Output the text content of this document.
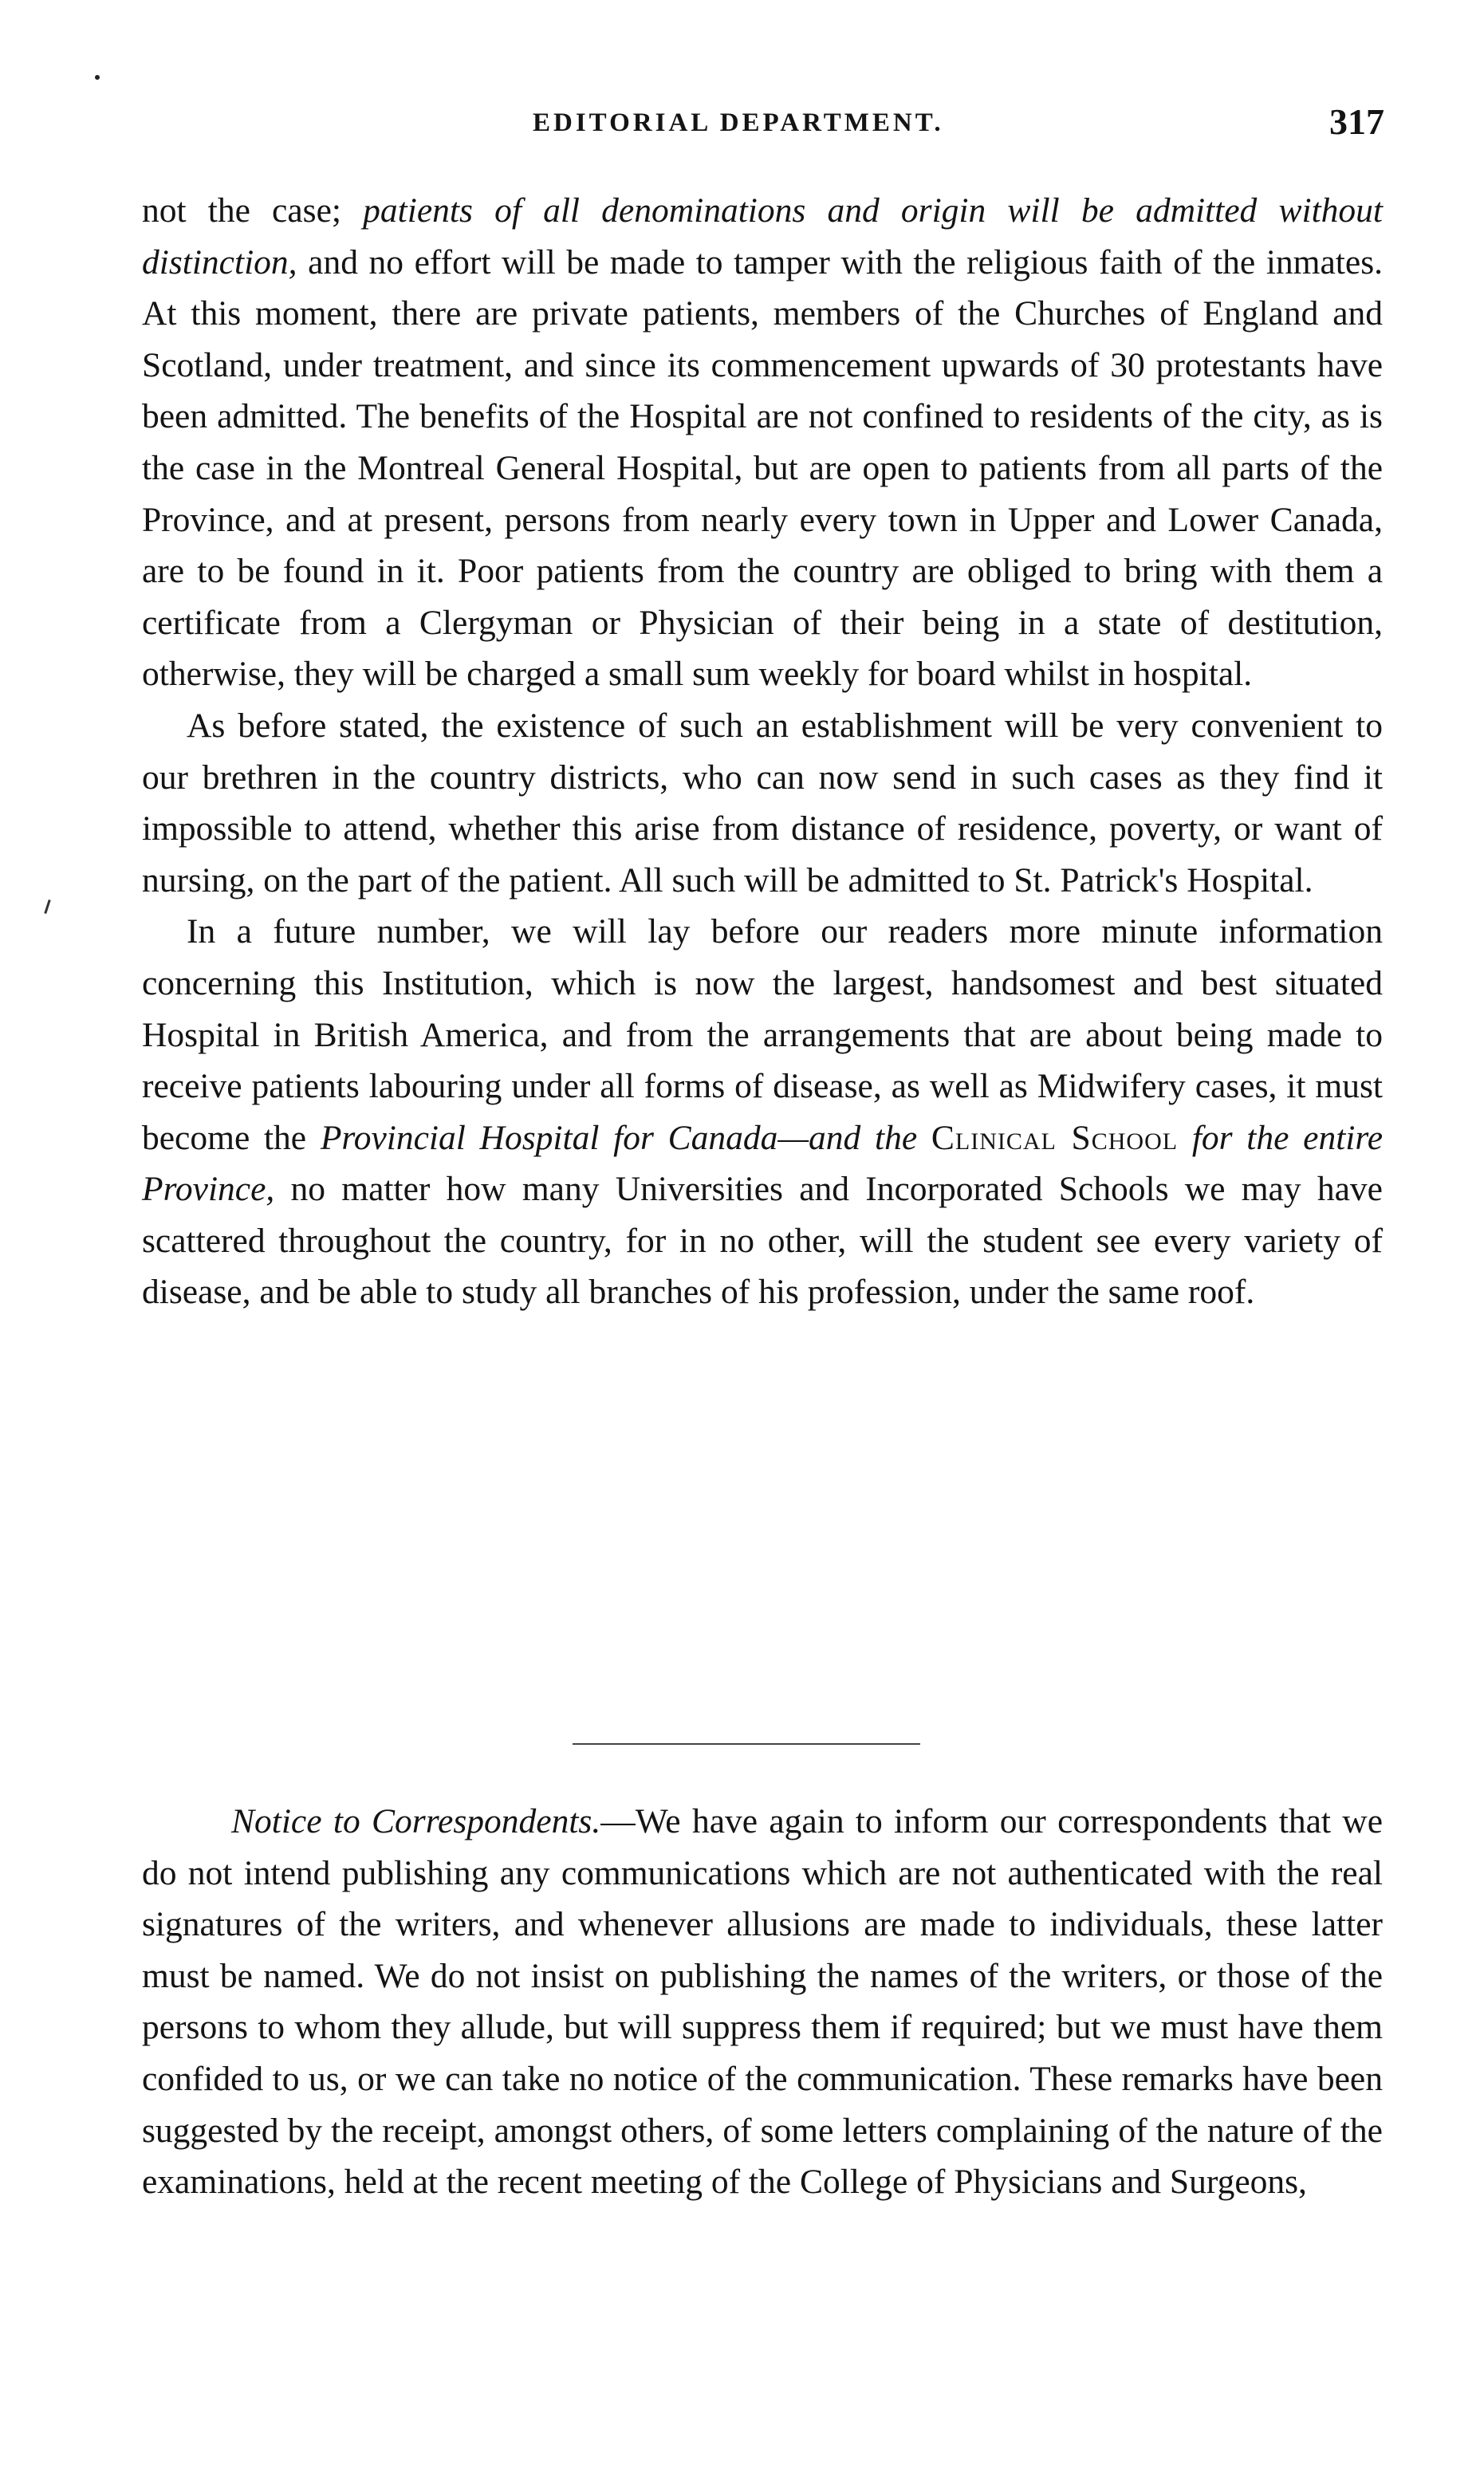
EDITORIAL DEPARTMENT.	317

not the case; patients of all denominations and origin will be admitted without distinction, and no effort will be made to tamper with the religious faith of the inmates. At this moment, there are private patients, members of the Churches of England and Scotland, under treatment, and since its commencement upwards of 30 protestants have been admitted. The benefits of the Hospital are not confined to residents of the city, as is the case in the Montreal General Hospital, but are open to patients from all parts of the Province, and at present, persons from nearly every town in Upper and Lower Canada, are to be found in it. Poor patients from the country are obliged to bring with them a certificate from a Clergyman or Physician of their being in a state of destitution, otherwise, they will be charged a small sum weekly for board whilst in hospital.

As before stated, the existence of such an establishment will be very convenient to our brethren in the country districts, who can now send in such cases as they find it impossible to attend, whether this arise from distance of residence, poverty, or want of nursing, on the part of the patient. All such will be admitted to St. Patrick's Hospital.

In a future number, we will lay before our readers more minute information concerning this Institution, which is now the largest, handsomest and best situated Hospital in British America, and from the arrangements that are about being made to receive patients labouring under all forms of disease, as well as Midwifery cases, it must become the Provincial Hospital for Canada—and the Clinical School for the entire Province, no matter how many Universities and Incorporated Schools we may have scattered throughout the country, for in no other, will the student see every variety of disease, and be able to study all branches of his profession, under the same roof.

Notice to Correspondents.—We have again to inform our correspondents that we do not intend publishing any communications which are not authenticated with the real signatures of the writers, and whenever allusions are made to individuals, these latter must be named. We do not insist on publishing the names of the writers, or those of the persons to whom they allude, but will suppress them if required; but we must have them confided to us, or we can take no notice of the communication. These remarks have been suggested by the receipt, amongst others, of some letters complaining of the nature of the examinations, held at the recent meeting of the College of Physicians and Surgeons,
